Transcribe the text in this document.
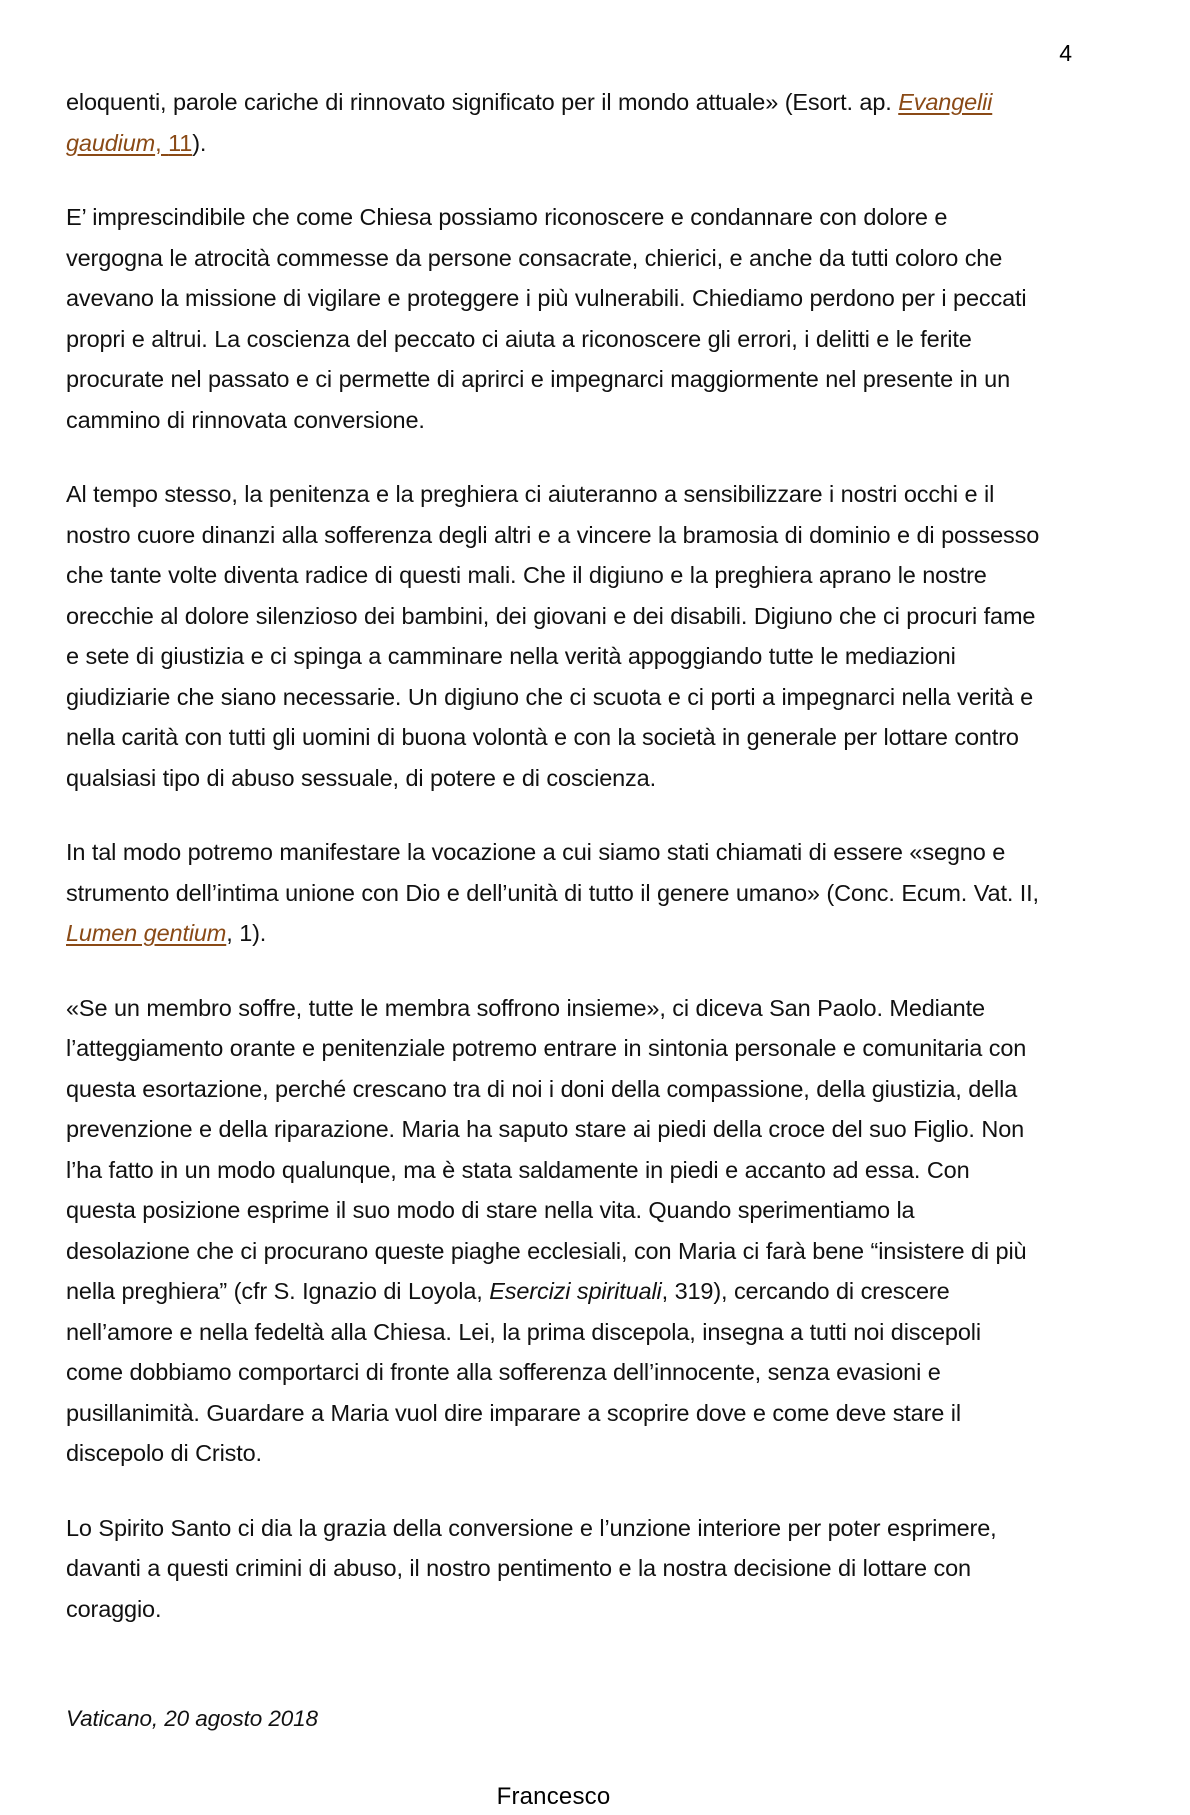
4

eloquenti, parole cariche di rinnovato significato per il mondo attuale» (Esort. ap. Evangelii gaudium, 11).

E’ imprescindibile che come Chiesa possiamo riconoscere e condannare con dolore e vergogna le atrocità commesse da persone consacrate, chierici, e anche da tutti coloro che avevano la missione di vigilare e proteggere i più vulnerabili. Chiediamo perdono per i peccati propri e altrui. La coscienza del peccato ci aiuta a riconoscere gli errori, i delitti e le ferite procurate nel passato e ci permette di aprirci e impegnarci maggiormente nel presente in un cammino di rinnovata conversione.

Al tempo stesso, la penitenza e la preghiera ci aiuteranno a sensibilizzare i nostri occhi e il nostro cuore dinanzi alla sofferenza degli altri e a vincere la bramosia di dominio e di possesso che tante volte diventa radice di questi mali. Che il digiuno e la preghiera aprano le nostre orecchie al dolore silenzioso dei bambini, dei giovani e dei disabili. Digiuno che ci procuri fame e sete di giustizia e ci spinga a camminare nella verità appoggiando tutte le mediazioni giudiziarie che siano necessarie. Un digiuno che ci scuota e ci porti a impegnarci nella verità e nella carità con tutti gli uomini di buona volontà e con la società in generale per lottare contro qualsiasi tipo di abuso sessuale, di potere e di coscienza.

In tal modo potremo manifestare la vocazione a cui siamo stati chiamati di essere «segno e strumento dell’intima unione con Dio e dell’unità di tutto il genere umano» (Conc. Ecum. Vat. II, Lumen gentium, 1).

«Se un membro soffre, tutte le membra soffrono insieme», ci diceva San Paolo. Mediante l’atteggiamento orante e penitenziale potremo entrare in sintonia personale e comunitaria con questa esortazione, perché crescano tra di noi i doni della compassione, della giustizia, della prevenzione e della riparazione. Maria ha saputo stare ai piedi della croce del suo Figlio. Non l’ha fatto in un modo qualunque, ma è stata saldamente in piedi e accanto ad essa. Con questa posizione esprime il suo modo di stare nella vita. Quando sperimentiamo la desolazione che ci procurano queste piaghe ecclesiali, con Maria ci farà bene “insistere di più nella preghiera” (cfr S. Ignazio di Loyola, Esercizi spirituali, 319), cercando di crescere nell’amore e nella fedeltà alla Chiesa. Lei, la prima discepola, insegna a tutti noi discepoli come dobbiamo comportarci di fronte alla sofferenza dell’innocente, senza evasioni e pusillanimità. Guardare a Maria vuol dire imparare a scoprire dove e come deve stare il discepolo di Cristo.

Lo Spirito Santo ci dia la grazia della conversione e l’unzione interiore per poter esprimere, davanti a questi crimini di abuso, il nostro pentimento e la nostra decisione di lottare con coraggio.

Vaticano, 20 agosto 2018

Francesco
